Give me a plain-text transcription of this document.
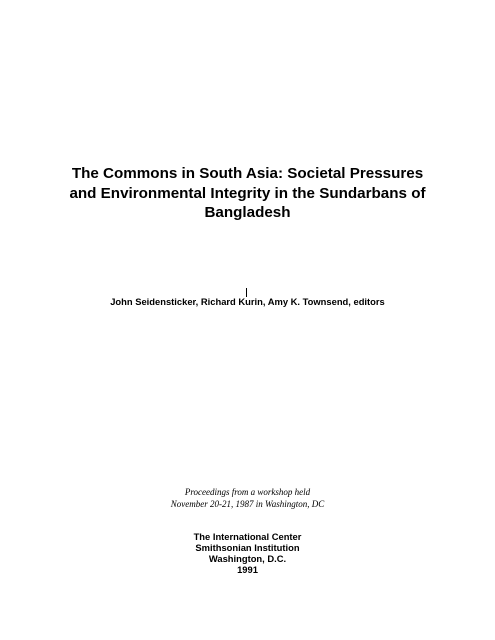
The Commons in South Asia: Societal Pressures
and Environmental Integrity in the Sundarbans of
Bangladesh
John Seidensticker, Richard Kurin, Amy K. Townsend, editors
Proceedings from a workshop held
November 20-21, 1987 in Washington, DC
The International Center
Smithsonian Institution
Washington, D.C.
1991
